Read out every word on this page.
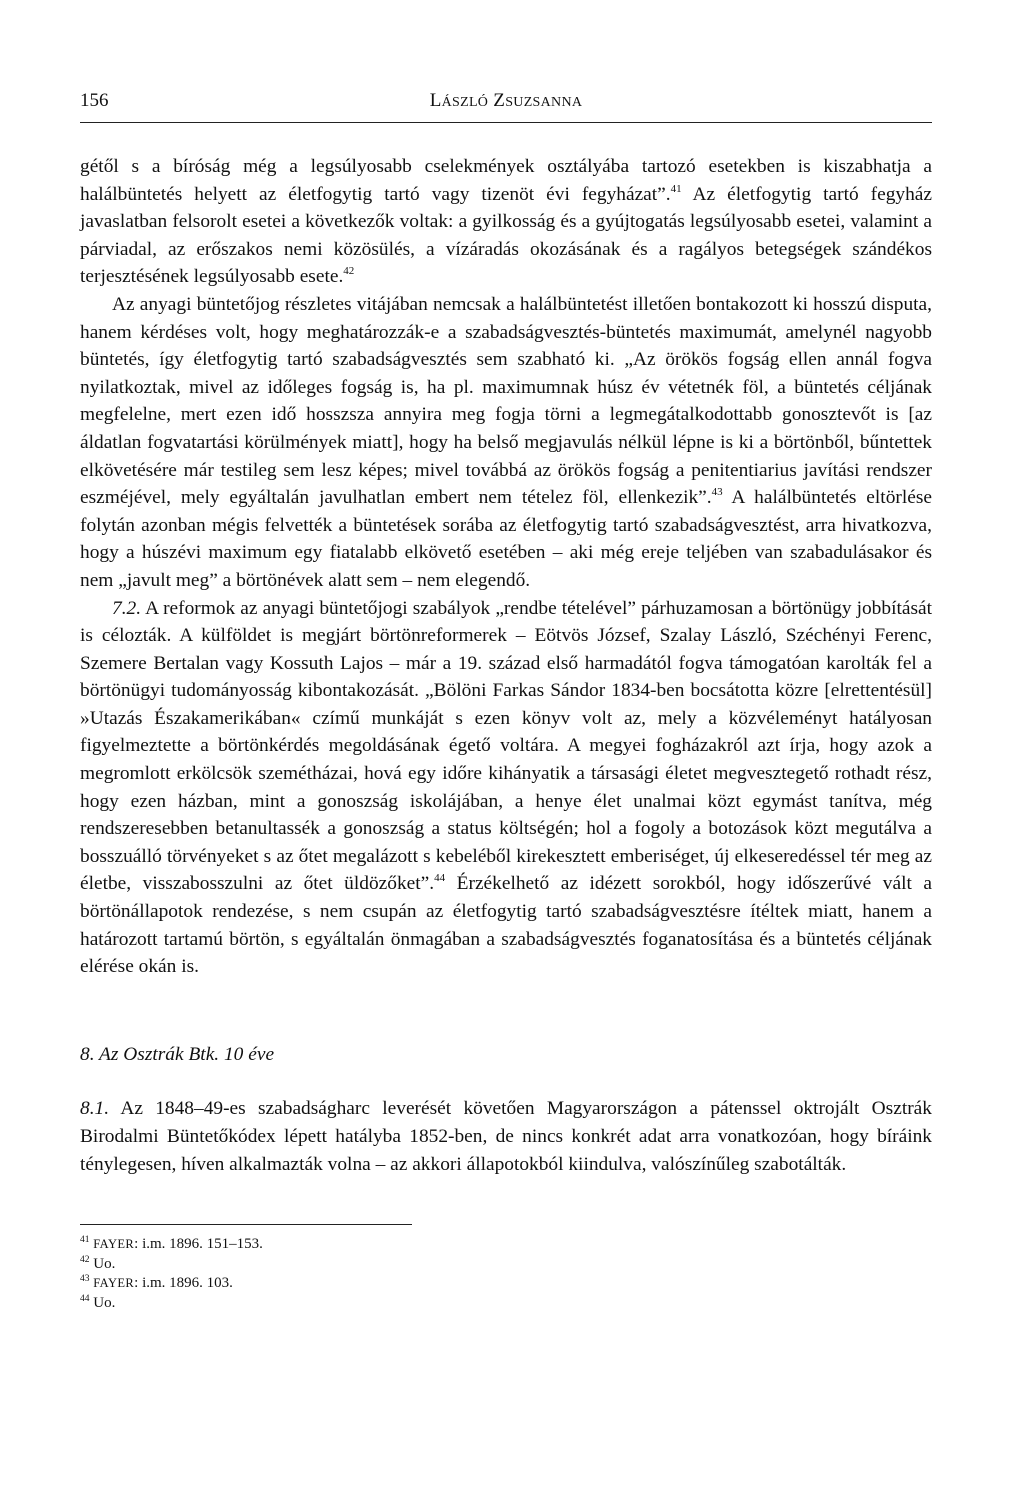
156	LÁSZLÓ ZSUZSANNA

gétől s a bíróság még a legsúlyosabb cselekmények osztályába tartozó esetekben is kiszabhatja a halálbüntetés helyett az életfogytig tartó vagy tizenöt évi fegyházat”.$^{41}$ Az életfogytig tartó fegyház javaslatban felsorolt esetei a következők voltak: a gyilkosság és a gyújtogatás legsúlyosabb esetei, valamint a párviadal, az erőszakos nemi közösülés, a vízáradás okozásának és a ragályos betegségek szándékos terjesztésének legsúlyosabb esete.$^{42}$

Az anyagi büntetőjog részletes vitájában nemcsak a halálbüntetést illetően bontakozott ki hosszú disputa, hanem kérdéses volt, hogy meghatározzák-e a szabadságvesztés-büntetés maximumát, amelynél nagyobb büntetés, így életfogytig tartó szabadságvesztés sem szabható ki. „Az örökös fogság ellen annál fogva nyilatkoztak, mivel az időleges fogság is, ha pl. maximumnak húsz év vétetnék föl, a büntetés céljának megfelelne, mert ezen idő hosszsza annyira meg fogja törni a legmegátalkodottabb gonosztevőt is [az áldatlan fogvatartási körülmények miatt], hogy ha belső megjavulás nélkül lépne is ki a börtönből, bűntettek elkövetésére már testileg sem lesz képes; mivel továbbá az örökös fogság a penitentiarius javítási rendszer eszméjével, mely egyáltalán javulhatlan embert nem tételez föl, ellenkezik”.$^{43}$ A halálbüntetés eltörlése folytán azonban mégis felvették a büntetések sorába az életfogytig tartó szabadságvesztést, arra hivatkozva, hogy a húszévi maximum egy fiatalabb elkövető esetében – aki még ereje teljében van szabadulásakor és nem „javult meg” a börtönévek alatt sem – nem elegendő.

7.2. A reformok az anyagi büntetőjogi szabályok „rendbe tételével” párhuzamosan a börtönügy jobbítását is célozták. A külföldet is megjárt börtönreformerek – Eötvös József, Szalay László, Széchényi Ferenc, Szemere Bertalan vagy Kossuth Lajos – már a 19. század első harmadától fogva támogatóan karolták fel a börtönügyi tudományosság kibontakozását. „Bölöni Farkas Sándor 1834-ben bocsátotta közre [elrettentésül] »Utazás Északamerikában« czímű munkáját s ezen könyv volt az, mely a közvéleményt hatályosan figyelmeztette a börtönkérdés megoldásának égető voltára. A megyei fogházakról azt írja, hogy azok a megromlott erkölcsök szemétházai, hová egy időre kihányatik a társasági életet megvesztegető rothadt rész, hogy ezen házban, mint a gonoszság iskolájában, a henye élet unalmai közt egymást tanítva, még rendszeresebben betanultassék a gonoszság a status költségén; hol a fogoly a botozások közt megutálva a bosszuálló törvényeket s az őtet megalázott s kebeléből kirekesztett emberiséget, új elkeseredéssel tér meg az életbe, visszabosszulni az őtet üldözőket”.$^{44}$ Érzékelhető az idézett sorokból, hogy időszerűvé vált a börtönállapotok rendezése, s nem csupán az életfogytig tartó szabadságvesztésre ítéltek miatt, hanem a határozott tartamú börtön, s egyáltalán önmagában a szabadságvesztés foganatosítása és a büntetés céljának elérése okán is.

8. Az Osztrák Btk. 10 éve

8.1. Az 1848–49-es szabadságharc leverését követően Magyarországon a pátenssel oktrojált Osztrák Birodalmi Büntetőkódex lépett hatályba 1852-ben, de nincs konkrét adat arra vonatkozóan, hogy bíráink ténylegesen, híven alkalmazták volna – az akkori állapotokból kiindulva, valószínűleg szabotálták.

$^{41}$ FAYER: i.m. 1896. 151–153.
$^{42}$ Uo.
$^{43}$ FAYER: i.m. 1896. 103.
$^{44}$ Uo.
